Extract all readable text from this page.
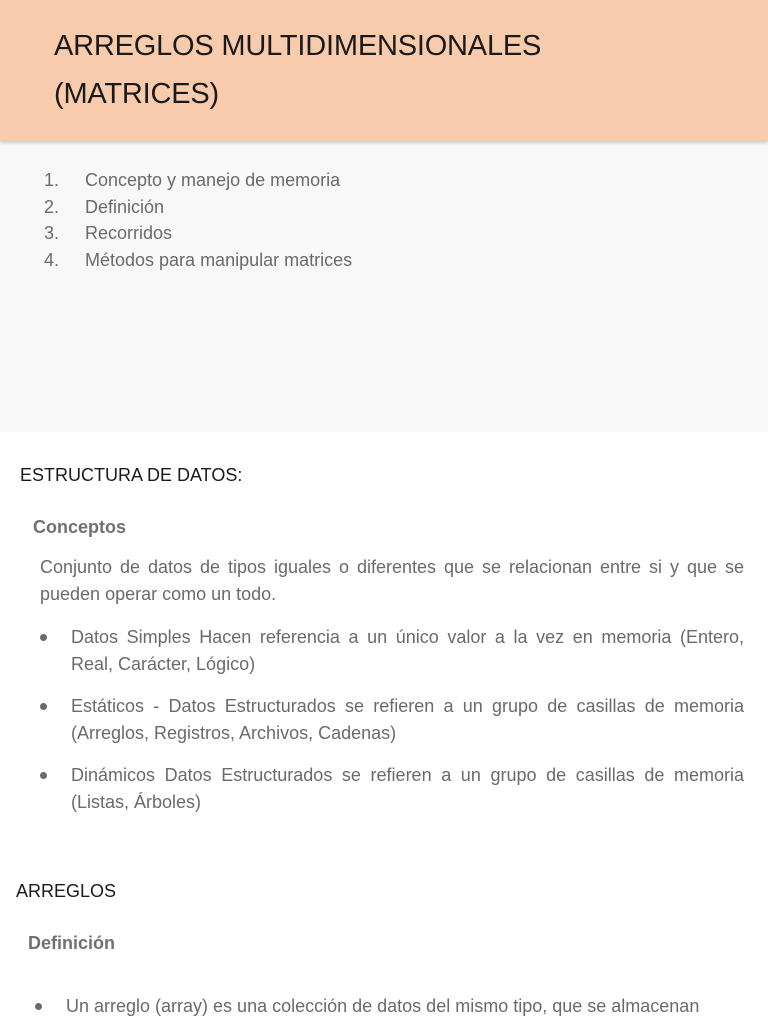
ARREGLOS MULTIDIMENSIONALES
(MATRICES)
1.	Concepto y manejo de memoria
2.	Definición
3.	Recorridos
4.	Métodos para manipular matrices
ESTRUCTURA DE DATOS:
Conceptos
Conjunto de datos de tipos iguales o diferentes que se relacionan entre si y que se pueden operar como un todo.
Datos Simples Hacen referencia a un único valor a la vez en memoria (Entero, Real, Carácter, Lógico)
Estáticos - Datos Estructurados se refieren a un grupo de casillas de memoria (Arreglos, Registros, Archivos, Cadenas)
Dinámicos Datos Estructurados se refieren a un grupo de casillas de memoria (Listas, Árboles)
ARREGLOS
Definición
Un arreglo (array) es una colección de datos del mismo tipo, que se almacenan
